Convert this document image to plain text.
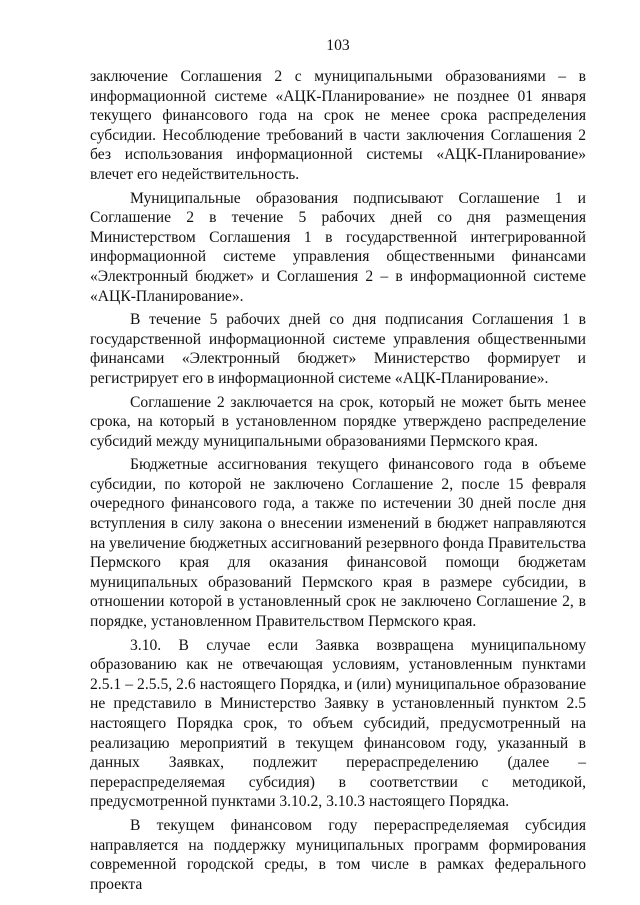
103

заключение Соглашения 2 с муниципальными образованиями – в информационной системе «АЦК-Планирование» не позднее 01 января текущего финансового года на срок не менее срока распределения субсидии. Несоблюдение требований в части заключения Соглашения 2 без использования информационной системы «АЦК-Планирование» влечет его недействительность.

Муниципальные образования подписывают Соглашение 1 и Соглашение 2 в течение 5 рабочих дней со дня размещения Министерством Соглашения 1 в государственной интегрированной информационной системе управления общественными финансами «Электронный бюджет» и Соглашения 2 – в информационной системе «АЦК-Планирование».

В течение 5 рабочих дней со дня подписания Соглашения 1 в государственной информационной системе управления общественными финансами «Электронный бюджет» Министерство формирует и регистрирует его в информационной системе «АЦК-Планирование».

Соглашение 2 заключается на срок, который не может быть менее срока, на который в установленном порядке утверждено распределение субсидий между муниципальными образованиями Пермского края.

Бюджетные ассигнования текущего финансового года в объеме субсидии, по которой не заключено Соглашение 2, после 15 февраля очередного финансового года, а также по истечении 30 дней после дня вступления в силу закона о внесении изменений в бюджет направляются на увеличение бюджетных ассигнований резервного фонда Правительства Пермского края для оказания финансовой помощи бюджетам муниципальных образований Пермского края в размере субсидии, в отношении которой в установленный срок не заключено Соглашение 2, в порядке, установленном Правительством Пермского края.

3.10. В случае если Заявка возвращена муниципальному образованию как не отвечающая условиям, установленным пунктами 2.5.1 – 2.5.5, 2.6 настоящего Порядка, и (или) муниципальное образование не представило в Министерство Заявку в установленный пунктом 2.5 настоящего Порядка срок, то объем субсидий, предусмотренный на реализацию мероприятий в текущем финансовом году, указанный в данных Заявках, подлежит перераспределению (далее – перераспределяемая субсидия) в соответствии с методикой, предусмотренной пунктами 3.10.2, 3.10.3 настоящего Порядка.

В текущем финансовом году перераспределяемая субсидия направляется на поддержку муниципальных программ формирования современной городской среды, в том числе в рамках федерального проекта
